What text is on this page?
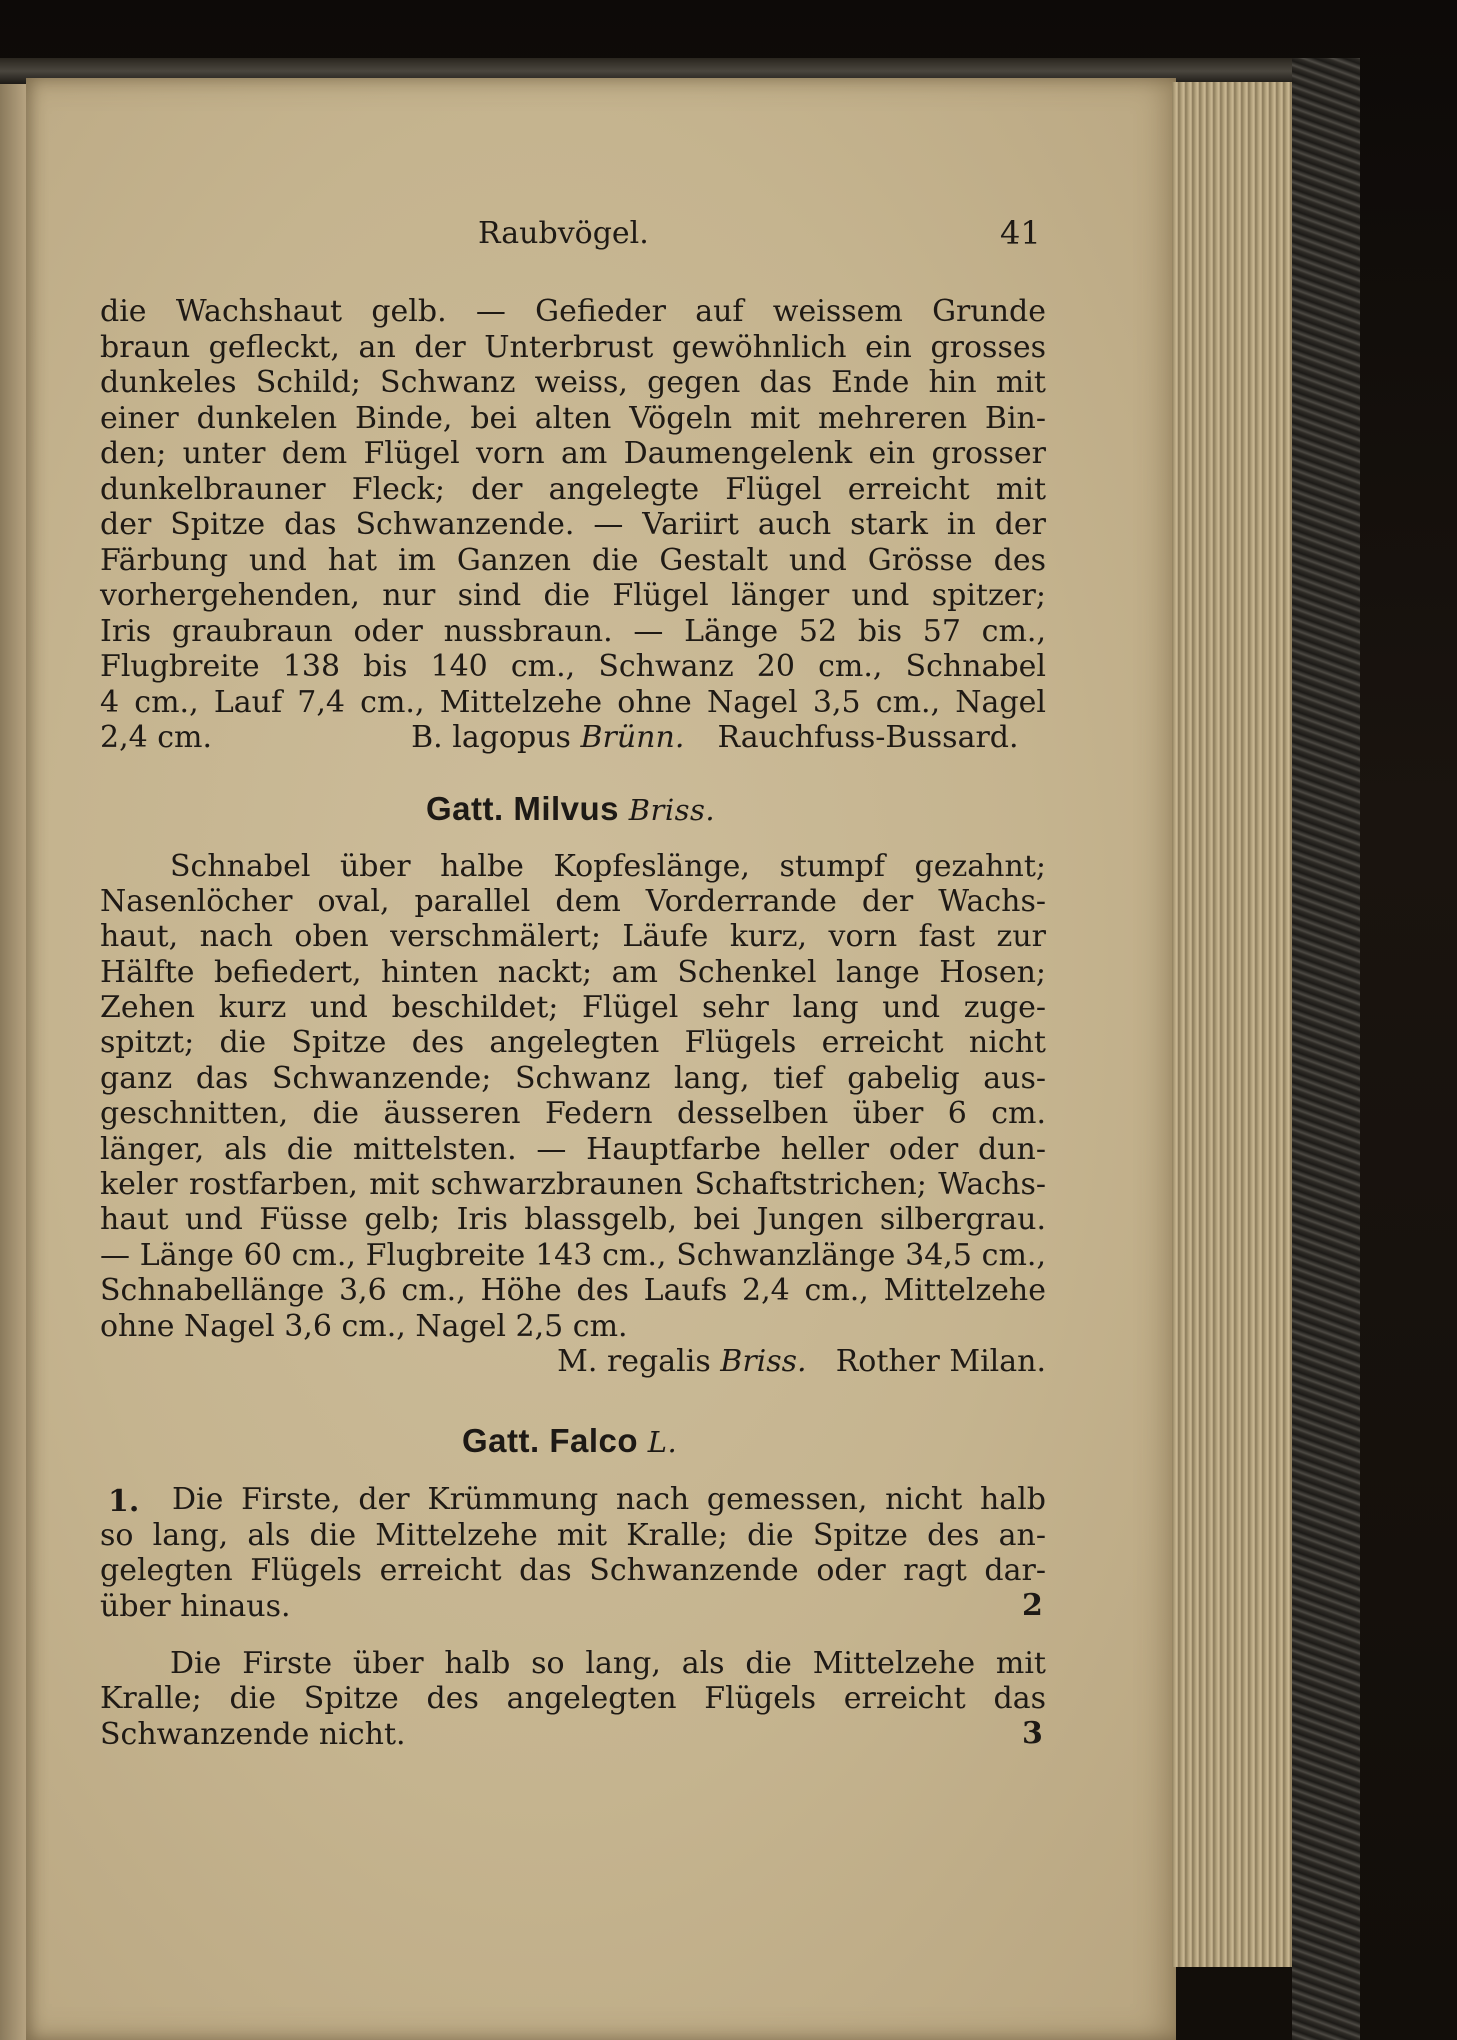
Raubvögel.	41
die Wachshaut gelb. — Gefieder auf weissem Grunde
braun gefleckt, an der Unterbrust gewöhnlich ein grosses
dunkeles Schild; Schwanz weiss, gegen das Ende hin mit
einer dunkelen Binde, bei alten Vögeln mit mehreren Bin-
den; unter dem Flügel vorn am Daumengelenk ein grosser
dunkelbrauner Fleck; der angelegte Flügel erreicht mit
der Spitze das Schwanzende. — Variirt auch stark in der
Färbung und hat im Ganzen die Gestalt und Grösse des
vorhergehenden, nur sind die Flügel länger und spitzer;
Iris graubraun oder nussbraun. — Länge 52 bis 57 cm.,
Flugbreite 138 bis 140 cm., Schwanz 20 cm., Schnabel
4 cm., Lauf 7,4 cm., Mittelzehe ohne Nagel 3,5 cm., Nagel
2,4 cm.	B. lagopus Brünn. Rauchfuss-Bussard.
Gatt. Milvus Briss.
Schnabel über halbe Kopfeslänge, stumpf gezahnt;
Nasenlöcher oval, parallel dem Vorderrande der Wachs-
haut, nach oben verschmälert; Läufe kurz, vorn fast zur
Hälfte befiedert, hinten nackt; am Schenkel lange Hosen;
Zehen kurz und beschildet; Flügel sehr lang und zuge-
spitzt; die Spitze des angelegten Flügels erreicht nicht
ganz das Schwanzende; Schwanz lang, tief gabelig aus-
geschnitten, die äusseren Federn desselben über 6 cm.
länger, als die mittelsten. — Hauptfarbe heller oder dun-
keler rostfarben, mit schwarzbraunen Schaftstrichen; Wachs-
haut und Füsse gelb; Iris blassgelb, bei Jungen silbergrau.
— Länge 60 cm., Flugbreite 143 cm., Schwanzlänge 34,5 cm.,
Schnabellänge 3,6 cm., Höhe des Laufs 2,4 cm., Mittelzehe
ohne Nagel 3,6 cm., Nagel 2,5 cm.
M. regalis Briss. Rother Milan.
Gatt. Falco L.
1. Die Firste, der Krümmung nach gemessen, nicht halb
so lang, als die Mittelzehe mit Kralle; die Spitze des an-
gelegten Flügels erreicht das Schwanzende oder ragt dar-
über hinaus.	2
Die Firste über halb so lang, als die Mittelzehe mit
Kralle; die Spitze des angelegten Flügels erreicht das
Schwanzende nicht.	3
